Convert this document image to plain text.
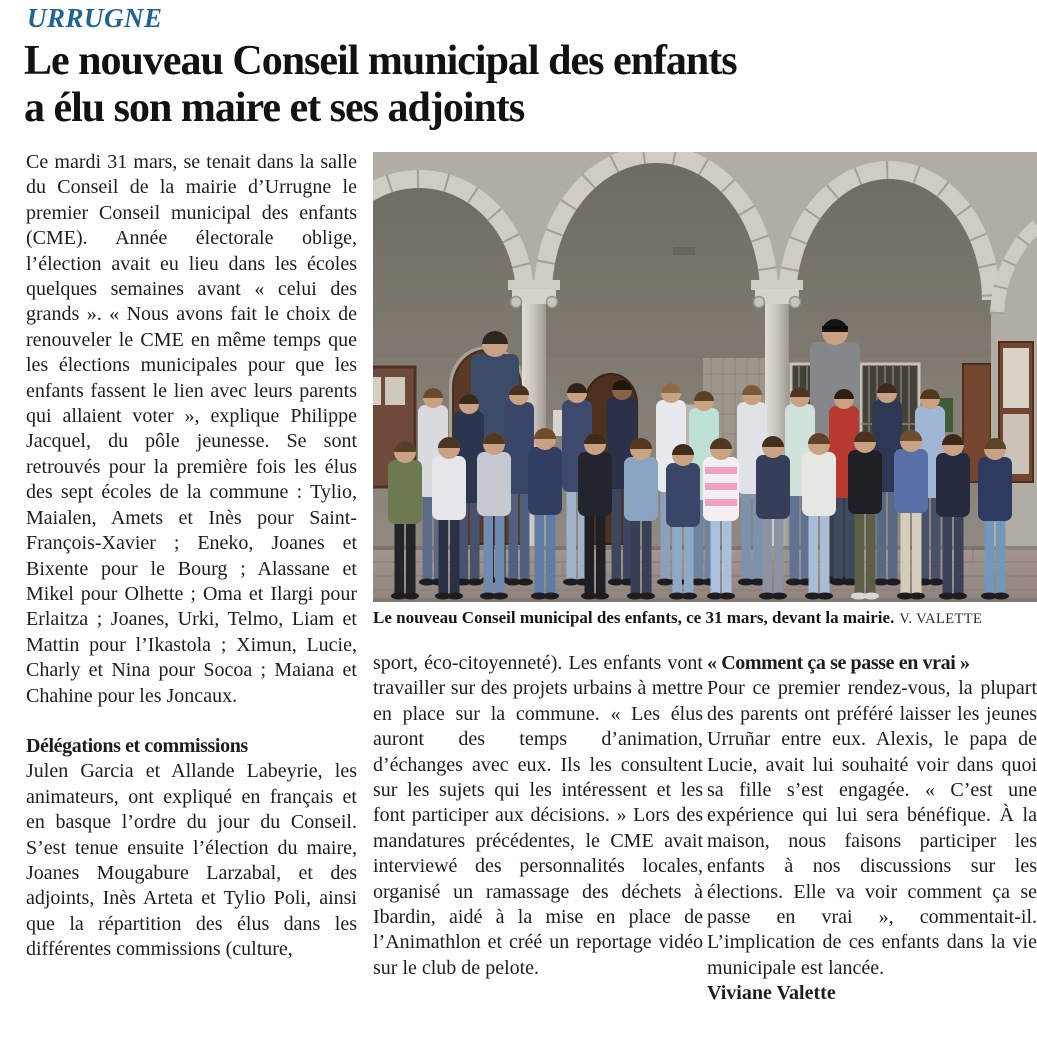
URRUGNE
Le nouveau Conseil municipal des enfants
a élu son maire et ses adjoints

Ce mardi 31 mars, se tenait dans la salle du Conseil de la mairie d’Urrugne le premier Conseil municipal des enfants (CME). Année électorale oblige, l’élection avait eu lieu dans les écoles quelques semaines avant « celui des grands ». « Nous avons fait le choix de renouveler le CME en même temps que les élections municipales pour que les enfants fassent le lien avec leurs parents qui allaient voter », explique Philippe Jacquel, du pôle jeunesse. Se sont retrouvés pour la première fois les élus des sept écoles de la commune : Tylio, Maialen, Amets et Inès pour Saint-François-Xavier ; Eneko, Joanes et Bixente pour le Bourg ; Alassane et Mikel pour Olhette ; Oma et Ilargi pour Erlaitza ; Joanes, Urki, Telmo, Liam et Mattin pour l’Ikastola ; Ximun, Lucie, Charly et Nina pour Socoa ; Maiana et Chahine pour les Joncaux.

Délégations et commissions

Julen Garcia et Allande Labeyrie, les animateurs, ont expliqué en français et en basque l’ordre du jour du Conseil. S’est tenue ensuite l’élection du maire, Joanes Mougabure Larzabal, et des adjoints, Inès Arteta et Tylio Poli, ainsi que la répartition des élus dans les différentes commissions (culture,

Le nouveau Conseil municipal des enfants, ce 31 mars, devant la mairie. V. VALETTE

sport, éco-citoyenneté). Les enfants vont travailler sur des projets urbains à mettre en place sur la commune. « Les élus auront des temps d’animation, d’échanges avec eux. Ils les consultent sur les sujets qui les intéressent et les font participer aux décisions. » Lors des mandatures précédentes, le CME avait interviewé des personnalités locales, organisé un ramassage des déchets à Ibardin, aidé à la mise en place de l’Animathlon et créé un reportage vidéo sur le club de pelote.

« Comment ça se passe en vrai »

Pour ce premier rendez-vous, la plupart des parents ont préféré laisser les jeunes Urruñar entre eux. Alexis, le papa de Lucie, avait lui souhaité voir dans quoi sa fille s’est engagée. « C’est une expérience qui lui sera bénéfique. À la maison, nous faisons participer les enfants à nos discussions sur les élections. Elle va voir comment ça se passe en vrai », commentait-il. L’implication de ces enfants dans la vie municipale est lancée.

Viviane Valette
